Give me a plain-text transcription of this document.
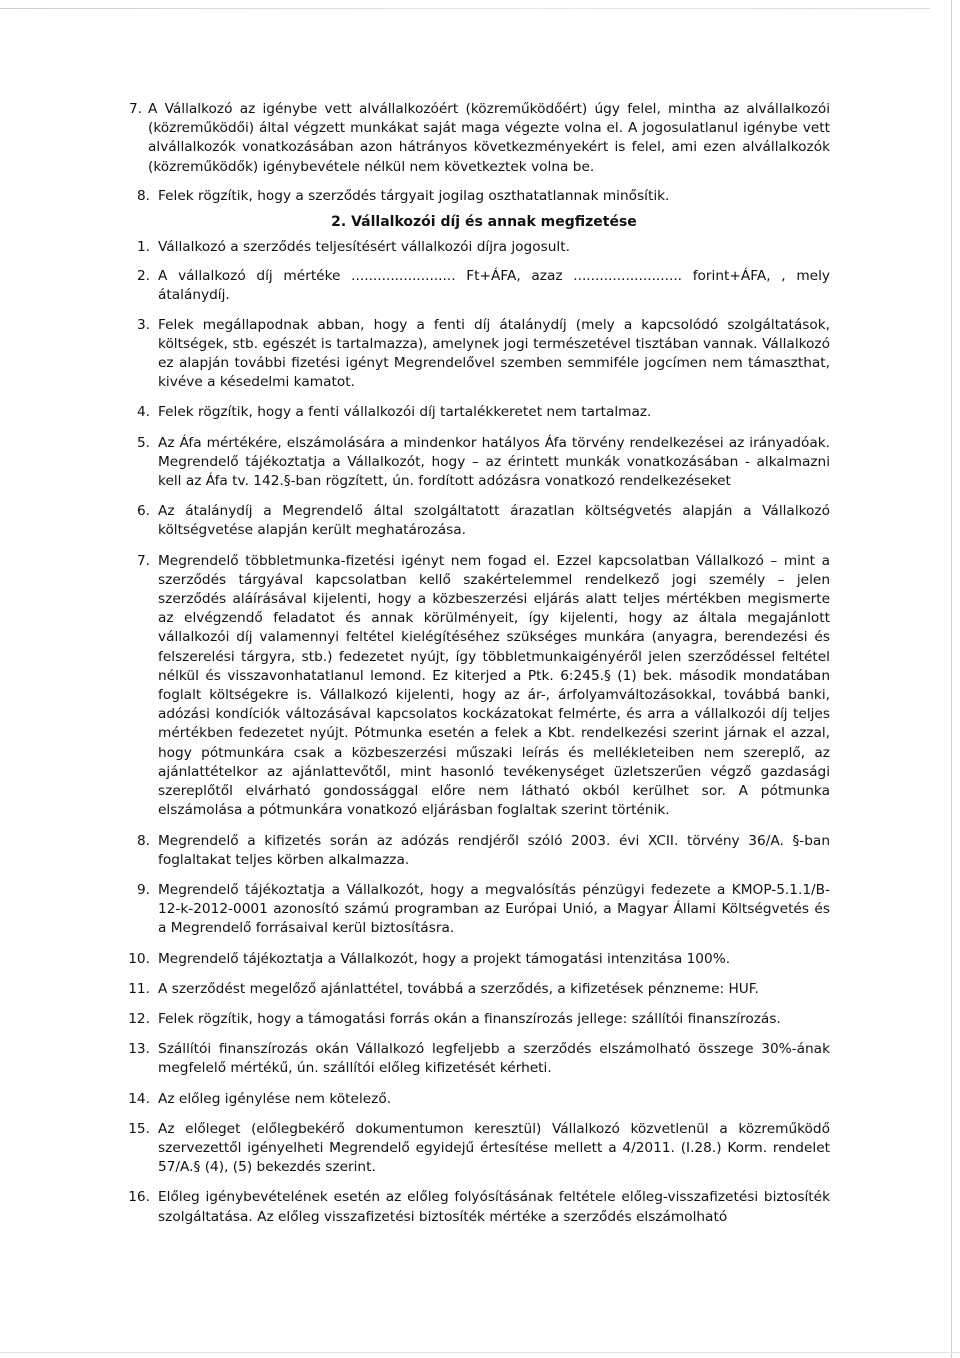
7. A Vállalkozó az igénybe vett alvállalkozóért (közreműködőért) úgy felel, mintha az alvállalkozói (közreműködői) által végzett munkákat saját maga végezte volna el. A jogosulatlanul igénybe vett alvállalkozók vonatkozásában azon hátrányos következményekért is felel, ami ezen alvállalkozók (közreműködők) igénybevétele nélkül nem következtek volna be.
8. Felek rögzítik, hogy a szerződés tárgyait jogilag oszthatatlannak minősítik.
2. Vállalkozói díj és annak megfizetése
1. Vállalkozó a szerződés teljesítésért vállalkozói díjra jogosult.
2. A vállalkozó díj mértéke ........................ Ft+ÁFA, azaz ......................... forint+ÁFA, , mely átalánydíj.
3. Felek megállapodnak abban, hogy a fenti díj átalánydíj (mely a kapcsolódó szolgáltatások, költségek, stb. egészét is tartalmazza), amelynek jogi természetével tisztában vannak. Vállalkozó ez alapján további fizetési igényt Megrendelővel szemben semmiféle jogcímen nem támaszthat, kivéve a késedelmi kamatot.
4. Felek rögzítik, hogy a fenti vállalkozói díj tartalékkeretet nem tartalmaz.
5. Az Áfa mértékére, elszámolására a mindenkor hatályos Áfa törvény rendelkezései az irányadóak. Megrendelő tájékoztatja a Vállalkozót, hogy – az érintett munkák vonatkozásában - alkalmazni kell az Áfa tv. 142.§-ban rögzített, ún. fordított adózásra vonatkozó rendelkezéseket
6. Az átalánydíj a Megrendelő által szolgáltatott árazatlan költségvetés alapján a Vállalkozó költségvetése alapján került meghatározása.
7. Megrendelő többletmunka-fizetési igényt nem fogad el. Ezzel kapcsolatban Vállalkozó – mint a szerződés tárgyával kapcsolatban kellő szakértelemmel rendelkező jogi személy – jelen szerződés aláírásával kijelenti, hogy a közbeszerzési eljárás alatt teljes mértékben megismerte az elvégzendő feladatot és annak körülményeit, így kijelenti, hogy az általa megajánlott vállalkozói díj valamennyi feltétel kielégítéséhez szükséges munkára (anyagra, berendezési és felszerelési tárgyra, stb.) fedezetet nyújt, így többletmunkaigényéről jelen szerződéssel feltétel nélkül és visszavonhatatlanul lemond. Ez kiterjed a Ptk. 6:245.§ (1) bek. második mondatában foglalt költségekre is. Vállalkozó kijelenti, hogy az ár-, árfolyamváltozásokkal, továbbá banki, adózási kondíciók változásával kapcsolatos kockázatokat felmérte, és arra a vállalkozói díj teljes mértékben fedezetet nyújt. Pótmunka esetén a felek a Kbt. rendelkezési szerint járnak el azzal, hogy pótmunkára csak a közbeszerzési műszaki leírás és mellékleteiben nem szereplő, az ajánlattételkor az ajánlattevőtől, mint hasonló tevékenységet üzletszerűen végző gazdasági szereplőtől elvárható gondossággal előre nem látható okból kerülhet sor. A pótmunka elszámolása a pótmunkára vonatkozó eljárásban foglaltak szerint történik.
8. Megrendelő a kifizetés során az adózás rendjéről szóló 2003. évi XCII. törvény 36/A. §-ban foglaltakat teljes körben alkalmazza.
9. Megrendelő tájékoztatja a Vállalkozót, hogy a megvalósítás pénzügyi fedezete a KMOP-5.1.1/B-12-k-2012-0001 azonosító számú programban az Európai Unió, a Magyar Állami Költségvetés és a Megrendelő forrásaival kerül biztosításra.
10. Megrendelő tájékoztatja a Vállalkozót, hogy a projekt támogatási intenzitása 100%.
11. A szerződést megelőző ajánlattétel, továbbá a szerződés, a kifizetések pénzneme: HUF.
12. Felek rögzítik, hogy a támogatási forrás okán a finanszírozás jellege: szállítói finanszírozás.
13. Szállítói finanszírozás okán Vállalkozó legfeljebb a szerződés elszámolható összege 30%-ának megfelelő mértékű, ún. szállítói előleg kifizetését kérheti.
14. Az előleg igénylése nem kötelező.
15. Az előleget (előlegbekérő dokumentumon keresztül) Vállalkozó közvetlenül a közreműködő szervezettől igényelheti Megrendelő egyidejű értesítése mellett a 4/2011. (I.28.) Korm. rendelet 57/A.§ (4), (5) bekezdés szerint.
16. Előleg igénybevételének esetén az előleg folyósításának feltétele előleg-visszafizetési biztosíték szolgáltatása. Az előleg visszafizetési biztosíték mértéke a szerződés elszámolható
